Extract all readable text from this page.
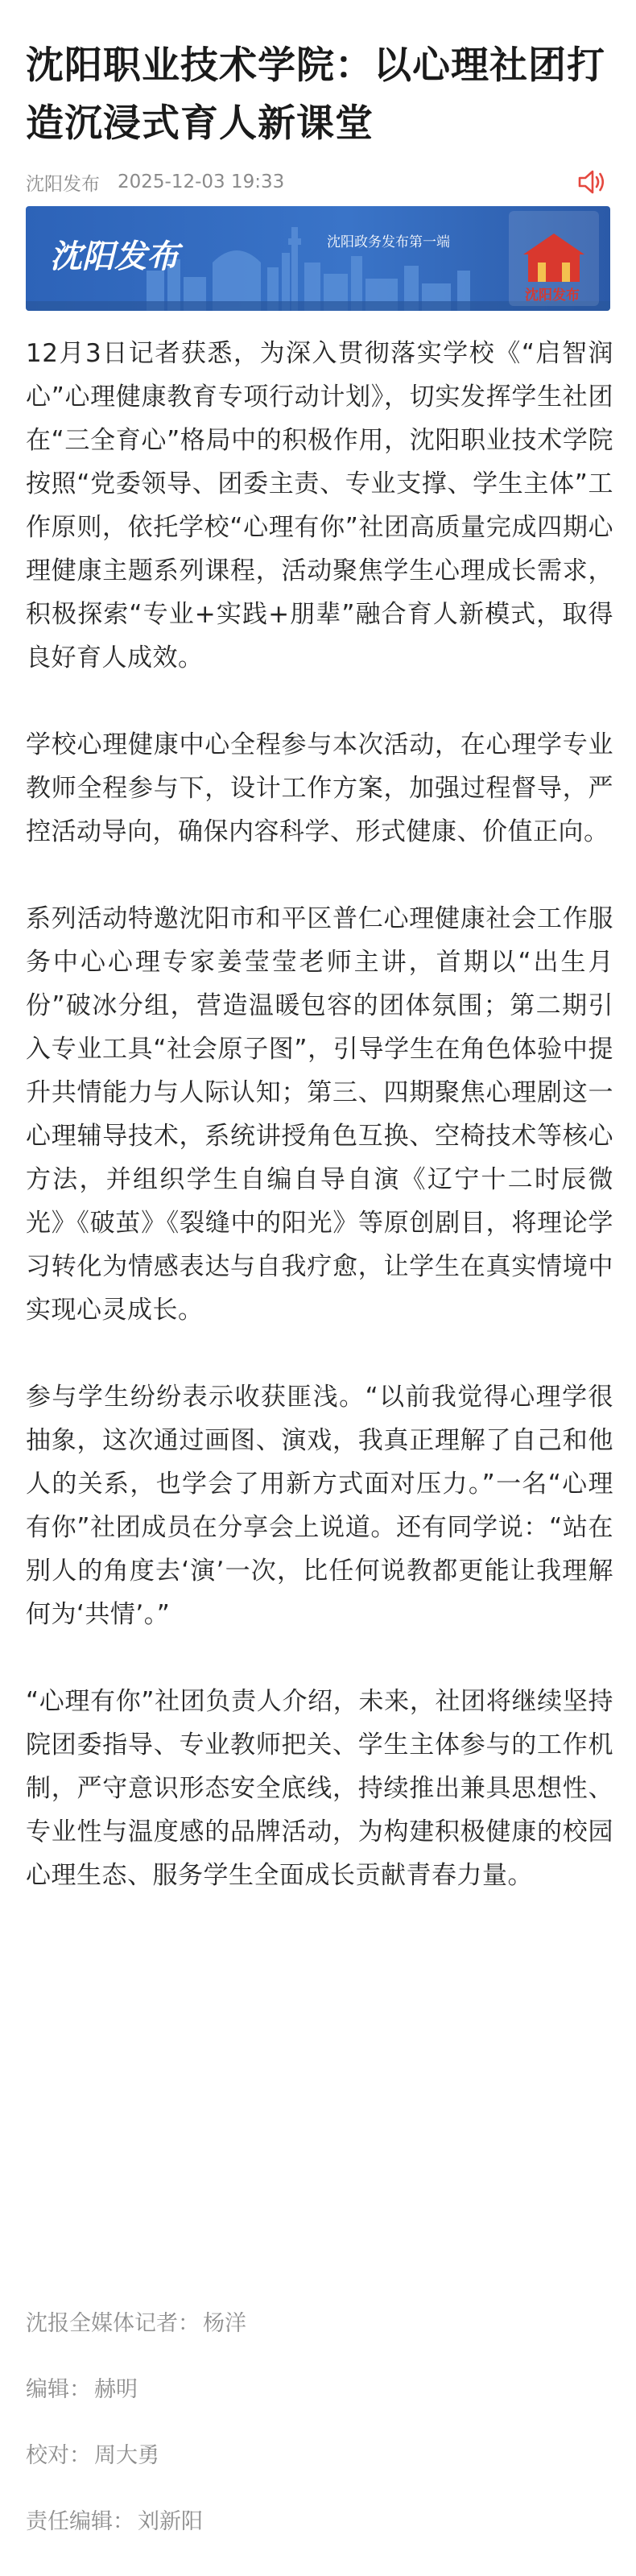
沈阳职业技术学院：以心理社团打造沉浸式育人新课堂
沈阳发布 2025-12-03 19:33
沈阳发布	沈阳政务发布第一端
沈阳发布

12月3日记者获悉，为深入贯彻落实学校《“启智润心”心理健康教育专项行动计划》，切实发挥学生社团在“三全育心”格局中的积极作用，沈阳职业技术学院按照“党委领导、团委主责、专业支撑、学生主体”工作原则，依托学校“心理有你”社团高质量完成四期心理健康主题系列课程，活动聚焦学生心理成长需求，积极探索“专业+实践+朋辈”融合育人新模式，取得良好育人成效。

学校心理健康中心全程参与本次活动，在心理学专业教师全程参与下，设计工作方案，加强过程督导，严控活动导向，确保内容科学、形式健康、价值正向。

系列活动特邀沈阳市和平区普仁心理健康社会工作服务中心心理专家姜莹莹老师主讲，首期以“出生月份”破冰分组，营造温暖包容的团体氛围；第二期引入专业工具“社会原子图”，引导学生在角色体验中提升共情能力与人际认知；第三、四期聚焦心理剧这一心理辅导技术，系统讲授角色互换、空椅技术等核心方法，并组织学生自编自导自演《辽宁十二时辰微光》《破茧》《裂缝中的阳光》等原创剧目，将理论学习转化为情感表达与自我疗愈，让学生在真实情境中实现心灵成长。

参与学生纷纷表示收获匪浅。“以前我觉得心理学很抽象，这次通过画图、演戏，我真正理解了自己和他人的关系，也学会了用新方式面对压力。”一名“心理有你”社团成员在分享会上说道。还有同学说：“站在别人的角度去‘演’一次，比任何说教都更能让我理解何为‘共情’。”

“心理有你”社团负责人介绍，未来，社团将继续坚持院团委指导、专业教师把关、学生主体参与的工作机制，严守意识形态安全底线，持续推出兼具思想性、专业性与温度感的品牌活动，为构建积极健康的校园心理生态、服务学生全面成长贡献青春力量。

沈报全媒体记者： 杨洋
编辑： 赫明
校对： 周大勇
责任编辑： 刘新阳
